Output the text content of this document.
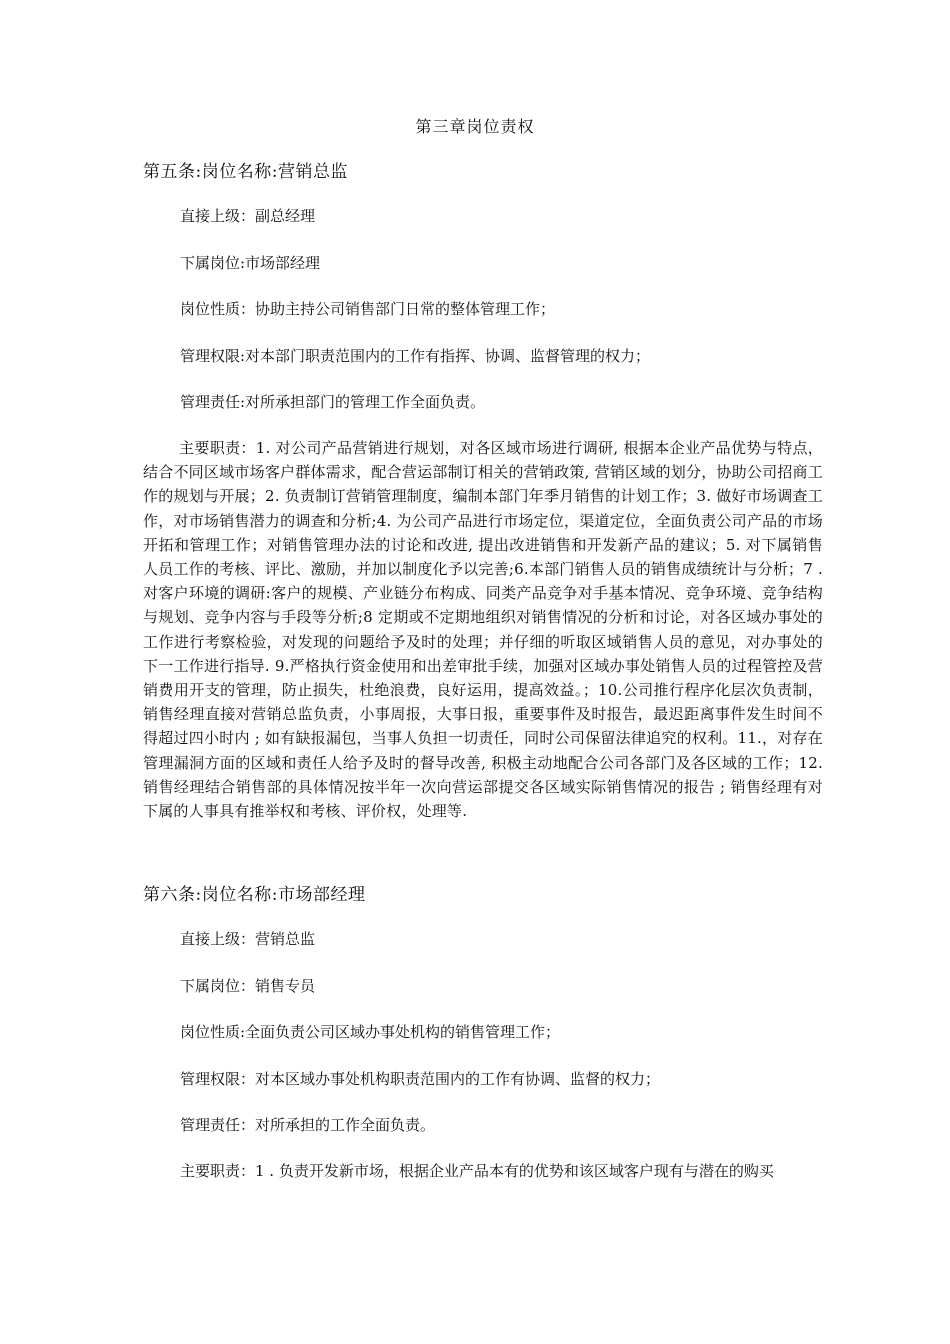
第三章岗位责权
第五条:岗位名称:营销总监
直接上级：副总经理
下属岗位:市场部经理
岗位性质：协助主持公司销售部门日常的整体管理工作；
管理权限:对本部门职责范围内的工作有指挥、协调、监督管理的权力；
管理责任:对所承担部门的管理工作全面负责。
主要职责：1. 对公司产品营销进行规划，对各区域市场进行调研, 根据本企业产品优势与特点，结合不同区域市场客户群体需求，配合营运部制订相关的营销政策, 营销区域的划分，协助公司招商工作的规划与开展；2. 负责制订营销管理制度，编制本部门年季月销售的计划工作；3. 做好市场调查工作，对市场销售潜力的调查和分析;4. 为公司产品进行市场定位，渠道定位，全面负责公司产品的市场开拓和管理工作；对销售管理办法的讨论和改进, 提出改进销售和开发新产品的建议；5. 对下属销售人员工作的考核、评比、激励，并加以制度化予以完善;6.本部门销售人员的销售成绩统计与分析；7 . 对客户环境的调研:客户的规模、产业链分布构成、同类产品竞争对手基本情况、竞争环境、竞争结构与规划、竞争内容与手段等分析;8 定期或不定期地组织对销售情况的分析和讨论，对各区域办事处的工作进行考察检验，对发现的问题给予及时的处理；并仔细的听取区域销售人员的意见，对办事处的下一工作进行指导. 9.严格执行资金使用和出差审批手续，加强对区域办事处销售人员的过程管控及营销费用开支的管理，防止损失，杜绝浪费，良好运用，提高效益。；10.公司推行程序化层次负责制，销售经理直接对营销总监负责，小事周报，大事日报，重要事件及时报告，最迟距离事件发生时间不得超过四小时内 ; 如有缺报漏包，当事人负担一切责任，同时公司保留法律追究的权利。11.，对存在管理漏洞方面的区域和责任人给予及时的督导改善, 积极主动地配合公司各部门及各区域的工作；12. 销售经理结合销售部的具体情况按半年一次向营运部提交各区域实际销售情况的报告 ; 销售经理有对下属的人事具有推举权和考核、评价权，处理等.
第六条:岗位名称:市场部经理
直接上级：营销总监
下属岗位：销售专员
岗位性质:全面负责公司区域办事处机构的销售管理工作；
管理权限：对本区域办事处机构职责范围内的工作有协调、监督的权力；
管理责任：对所承担的工作全面负责。
主要职责：1 . 负责开发新市场，根据企业产品本有的优势和该区域客户现有与潜在的购买
